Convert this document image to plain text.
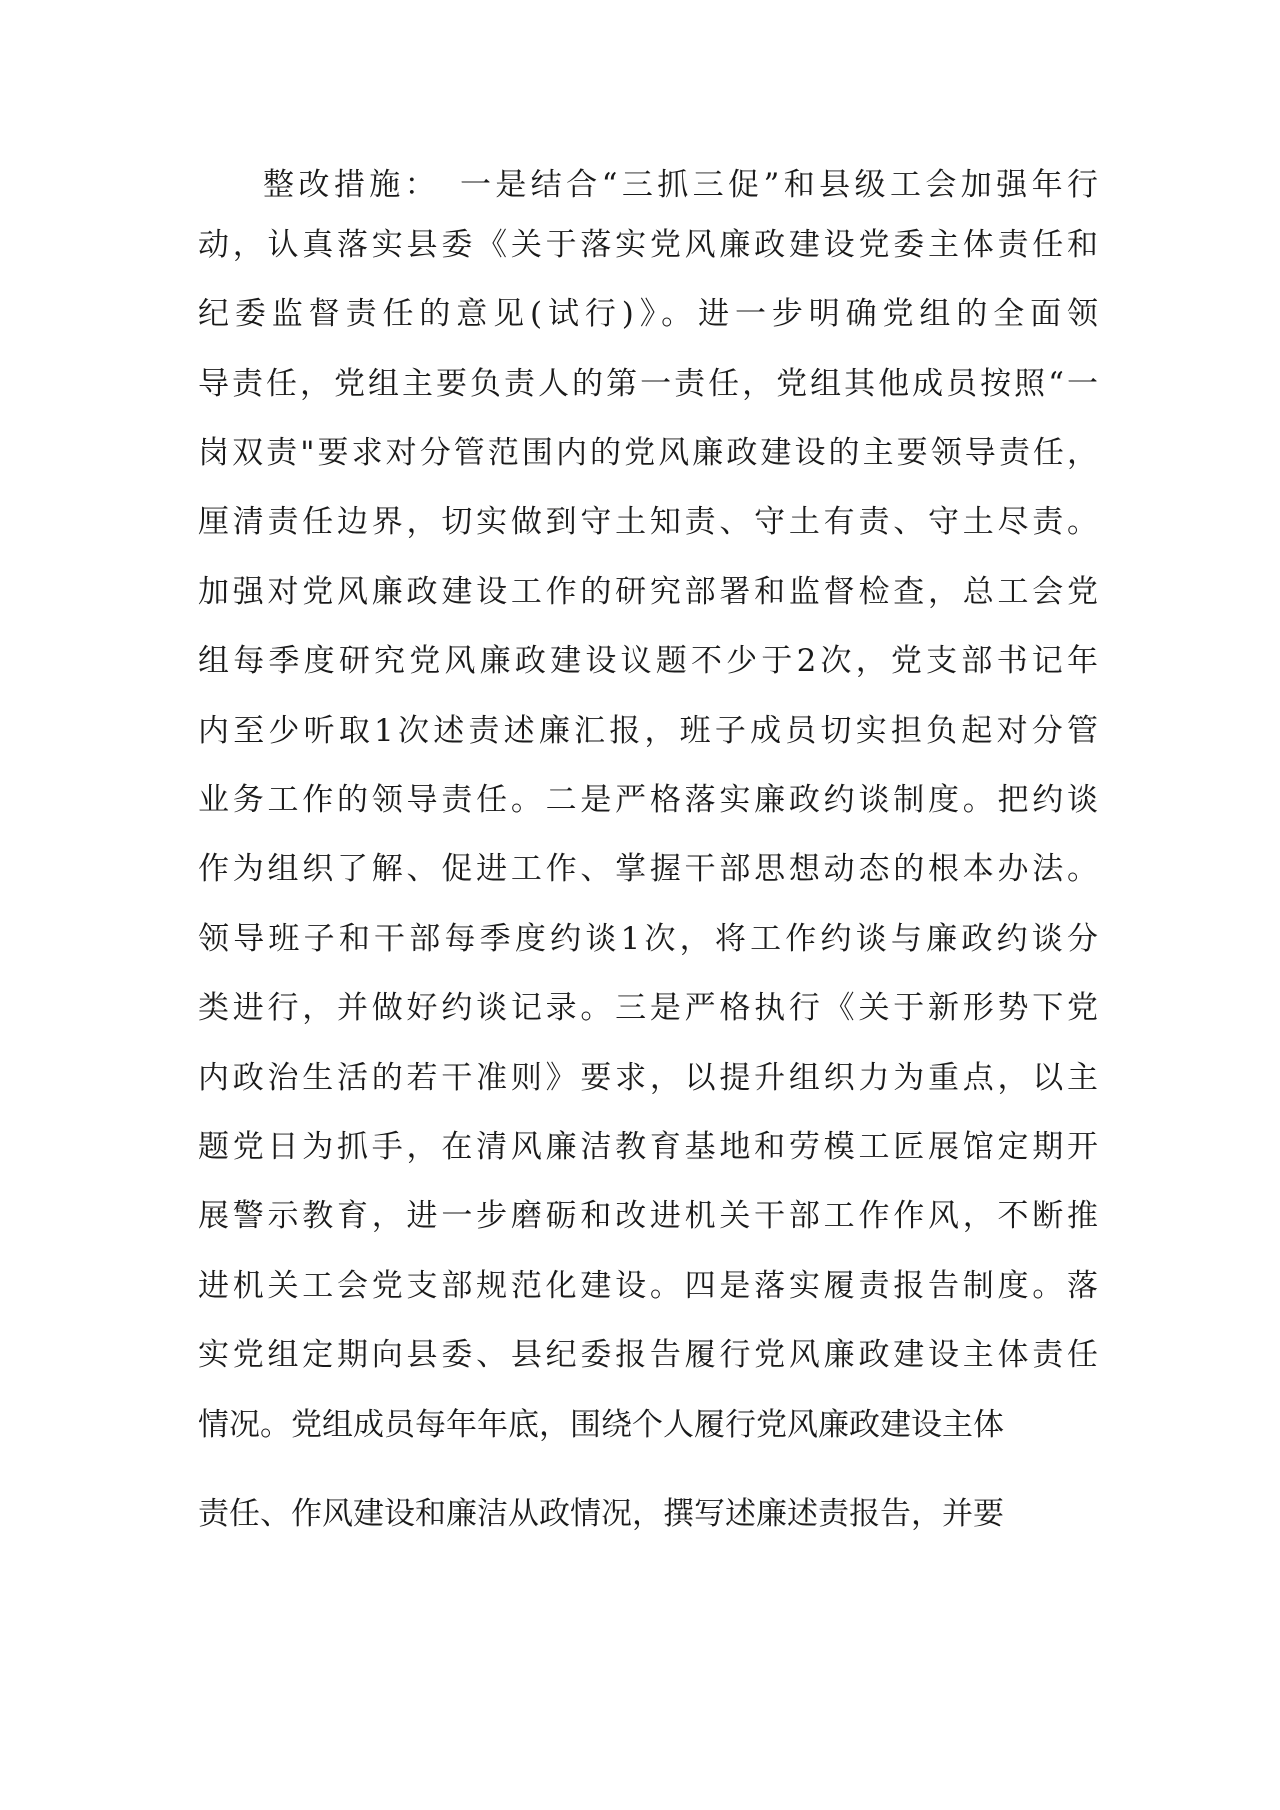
整改措施：　一是结合“三抓三促”和县级工会加强年行
动，认真落实县委《关于落实党风廉政建设党委主体责任和
纪委监督责任的意见(试行)》。进一步明确党组的全面领
导责任，党组主要负责人的第一责任，党组其他成员按照“一
岗双责"要求对分管范围内的党风廉政建设的主要领导责任，
厘清责任边界，切实做到守土知责、守土有责、守土尽责。
加强对党风廉政建设工作的研究部署和监督检查，总工会党
组每季度研究党风廉政建设议题不少于2次，党支部书记年
内至少听取1次述责述廉汇报，班子成员切实担负起对分管
业务工作的领导责任。二是严格落实廉政约谈制度。把约谈
作为组织了解、促进工作、掌握干部思想动态的根本办法。
领导班子和干部每季度约谈1次，将工作约谈与廉政约谈分
类进行，并做好约谈记录。三是严格执行《关于新形势下党
内政治生活的若干准则》要求，以提升组织力为重点，以主
题党日为抓手，在清风廉洁教育基地和劳模工匠展馆定期开
展警示教育，进一步磨砺和改进机关干部工作作风，不断推
进机关工会党支部规范化建设。四是落实履责报告制度。落
实党组定期向县委、县纪委报告履行党风廉政建设主体责任
情况。党组成员每年年底，围绕个人履行党风廉政建设主体
责任、作风建设和廉洁从政情况，撰写述廉述责报告，并要
